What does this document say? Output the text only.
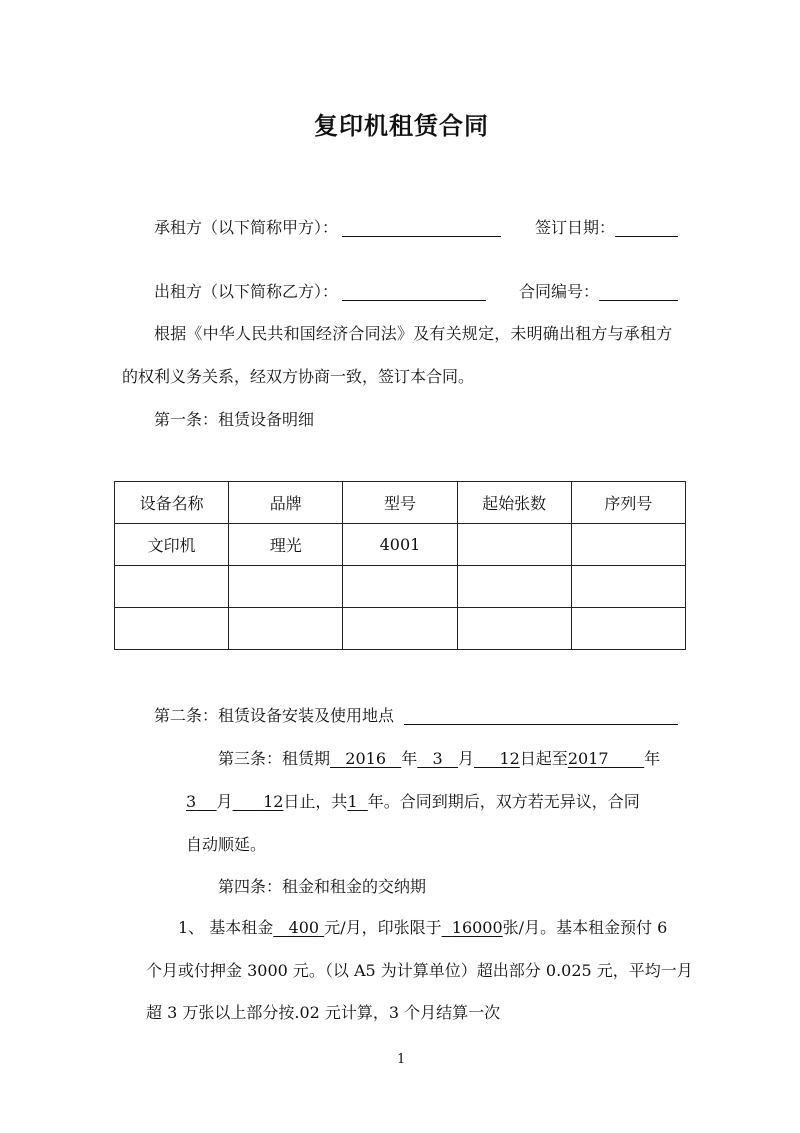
复印机租赁合同
承租方（以下简称甲方）：	签订日期：
出租方（以下简称乙方）：	合同编号：
根据《中华人民共和国经济合同法》及有关规定，未明确出租方与承租方
的权利义务关系，经双方协商一致，签订本合同。
第一条：租赁设备明细
设备名称	品牌	型号	起始张数	序列号
文印机	理光	4001		

第二条：租赁设备安装及使用地点
第三条：租赁期 2016 年 3 月 12日起至2017 年
3 月 12日止，共1 年。合同到期后，双方若无异议，合同
自动顺延。
第四条：租金和租金的交纳期
1、 基本租金 400 元/月，印张限于 16000张/月。基本租金预付 6
个月或付押金 3000 元。（以 A5 为计算单位）超出部分 0.025 元，平均一月
超 3 万张以上部分按.02 元计算，3 个月结算一次
1
